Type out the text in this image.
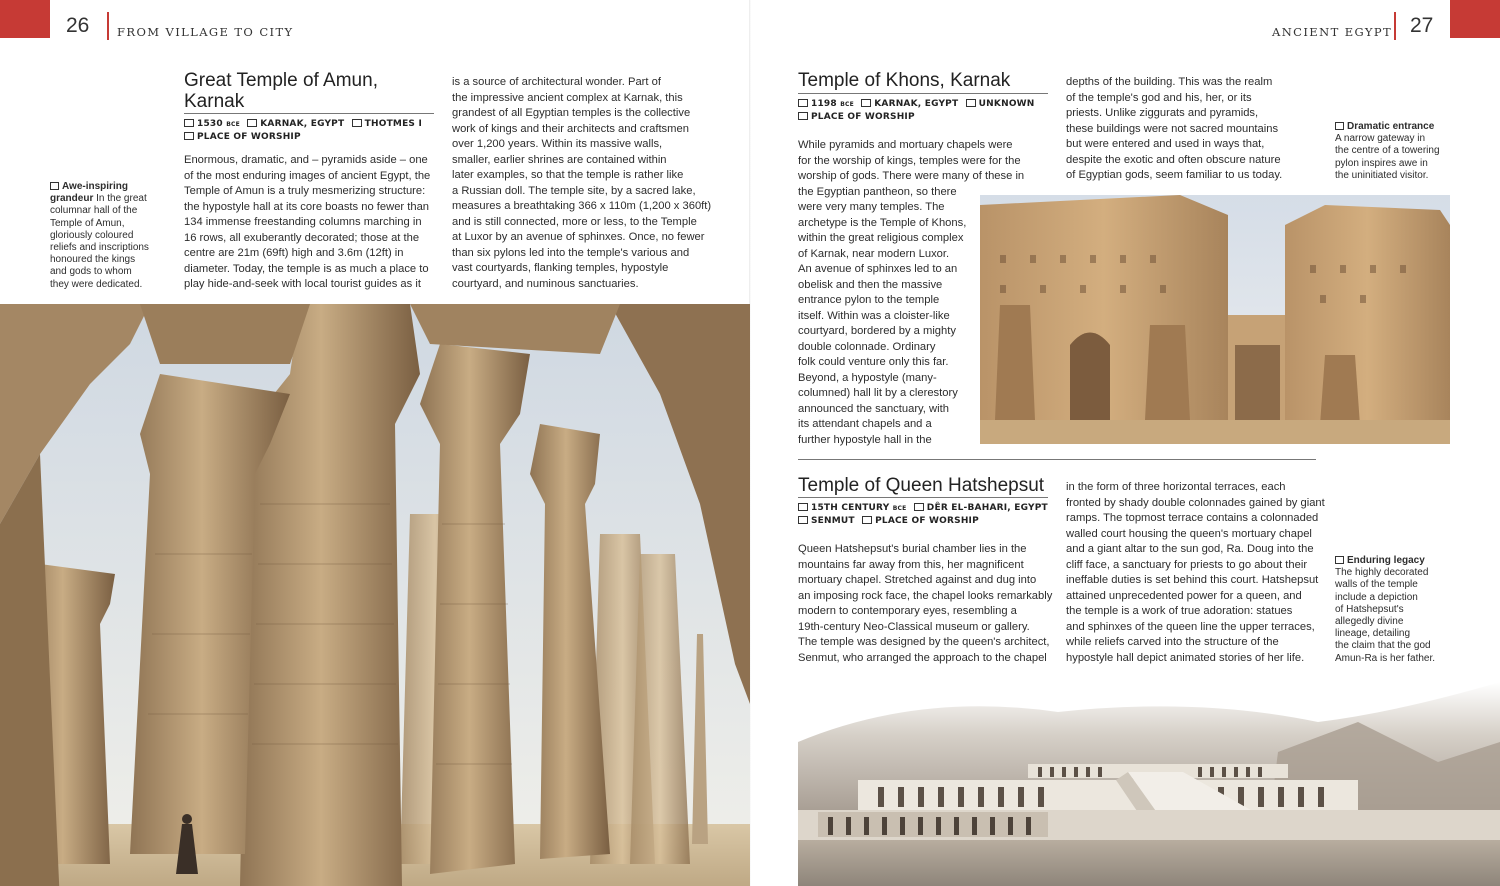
26 FROM VILLAGE TO CITY	ANCIENT EGYPT 27
Great Temple of Amun,
Karnak
1530 BCE KARNAK, EGYPT THOTMES I
PLACE OF WORSHIP
Enormous, dramatic, and – pyramids aside – one
of the most enduring images of ancient Egypt, the
Temple of Amun is a truly mesmerizing structure:
the hypostyle hall at its core boasts no fewer than
134 immense freestanding columns marching in
16 rows, all exuberantly decorated; those at the
centre are 21m (69ft) high and 3.6m (12ft) in
diameter. Today, the temple is as much a place to
play hide-and-seek with local tourist guides as it
is a source of architectural wonder. Part of
the impressive ancient complex at Karnak, this
grandest of all Egyptian temples is the collective
work of kings and their architects and craftsmen
over 1,200 years. Within its massive walls,
smaller, earlier shrines are contained within
later examples, so that the temple is rather like
a Russian doll. The temple site, by a sacred lake,
measures a breathtaking 366 x 110m (1,200 x 360ft)
and is still connected, more or less, to the Temple
at Luxor by an avenue of sphinxes. Once, no fewer
than six pylons led into the temple's various and
vast courtyards, flanking temples, hypostyle
courtyard, and numinous sanctuaries.
Awe-inspiring
grandeur In the great
columnar hall of the
Temple of Amun,
gloriously coloured
reliefs and inscriptions
honoured the kings
and gods to whom
they were dedicated.
Temple of Khons, Karnak
1198 BCE KARNAK, EGYPT UNKNOWN
PLACE OF WORSHIP
While pyramids and mortuary chapels were
for the worship of kings, temples were for the
worship of gods. There were many of these in
the Egyptian pantheon, so there
were very many temples. The
archetype is the Temple of Khons,
within the great religious complex
of Karnak, near modern Luxor.
An avenue of sphinxes led to an
obelisk and then the massive
entrance pylon to the temple
itself. Within was a cloister-like
courtyard, bordered by a mighty
double colonnade. Ordinary
folk could venture only this far.
Beyond, a hypostyle (many-
columned) hall lit by a clerestory
announced the sanctuary, with
its attendant chapels and a
further hypostyle hall in the
depths of the building. This was the realm
of the temple's god and his, her, or its
priests. Unlike ziggurats and pyramids,
these buildings were not sacred mountains
but were entered and used in ways that,
despite the exotic and often obscure nature
of Egyptian gods, seem familiar to us today.
Dramatic entrance
A narrow gateway in
the centre of a towering
pylon inspires awe in
the uninitiated visitor.
Temple of Queen Hatshepsut
15TH CENTURY BCE DÊR EL-BAHARI, EGYPT
SENMUT PLACE OF WORSHIP
Queen Hatshepsut's burial chamber lies in the
mountains far away from this, her magnificent
mortuary chapel. Stretched against and dug into
an imposing rock face, the chapel looks remarkably
modern to contemporary eyes, resembling a
19th-century Neo-Classical museum or gallery.
The temple was designed by the queen's architect,
Senmut, who arranged the approach to the chapel
in the form of three horizontal terraces, each
fronted by shady double colonnades gained by giant
ramps. The topmost terrace contains a colonnaded
walled court housing the queen's mortuary chapel
and a giant altar to the sun god, Ra. Doug into the
cliff face, a sanctuary for priests to go about their
ineffable duties is set behind this court. Hatshepsut
attained unprecedented power for a queen, and
the temple is a work of true adoration: statues
and sphinxes of the queen line the upper terraces,
while reliefs carved into the structure of the
hypostyle hall depict animated stories of her life.
Enduring legacy
The highly decorated
walls of the temple
include a depiction
of Hatshepsut's
allegedly divine
lineage, detailing
the claim that the god
Amun-Ra is her father.
